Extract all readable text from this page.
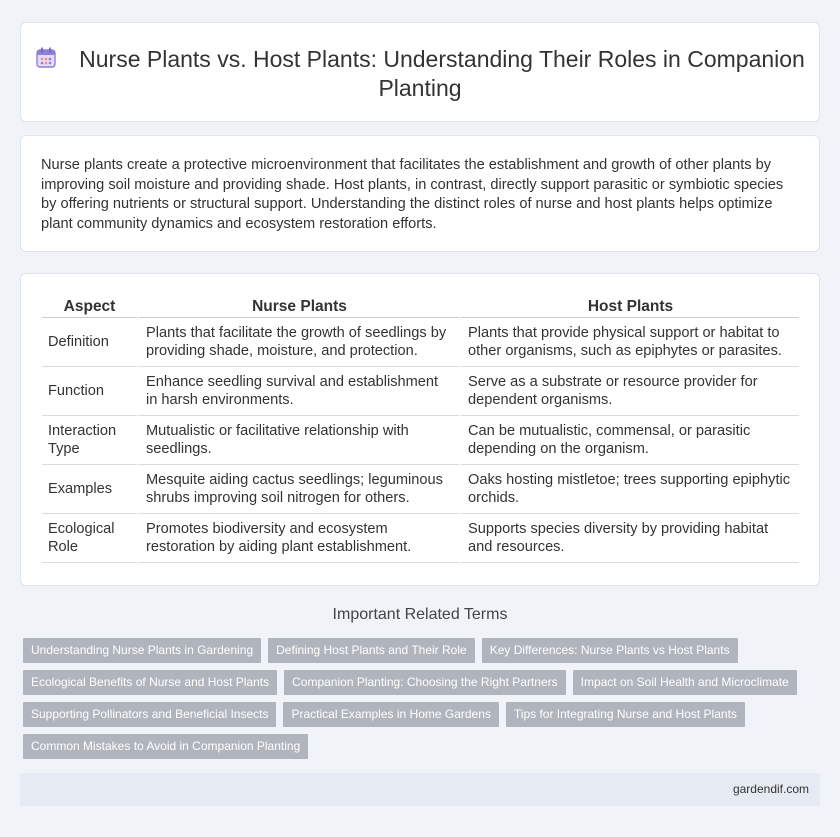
Nurse Plants vs. Host Plants: Understanding Their Roles in Companion Planting

Nurse plants create a protective microenvironment that facilitates the establishment and growth of other plants by improving soil moisture and providing shade. Host plants, in contrast, directly support parasitic or symbiotic species by offering nutrients or structural support. Understanding the distinct roles of nurse and host plants helps optimize plant community dynamics and ecosystem restoration efforts.

Aspect	Nurse Plants	Host Plants
Definition	Plants that facilitate the growth of seedlings by providing shade, moisture, and protection.	Plants that provide physical support or habitat to other organisms, such as epiphytes or parasites.
Function	Enhance seedling survival and establishment in harsh environments.	Serve as a substrate or resource provider for dependent organisms.
Interaction Type	Mutualistic or facilitative relationship with seedlings.	Can be mutualistic, commensal, or parasitic depending on the organism.
Examples	Mesquite aiding cactus seedlings; leguminous shrubs improving soil nitrogen for others.	Oaks hosting mistletoe; trees supporting epiphytic orchids.
Ecological Role	Promotes biodiversity and ecosystem restoration by aiding plant establishment.	Supports species diversity by providing habitat and resources.
Important Related Terms
Understanding Nurse Plants in Gardening	Defining Host Plants and Their Role	Key Differences: Nurse Plants vs Host Plants
Ecological Benefits of Nurse and Host Plants	Companion Planting: Choosing the Right Partners	Impact on Soil Health and Microclimate
Supporting Pollinators and Beneficial Insects	Practical Examples in Home Gardens	Tips for Integrating Nurse and Host Plants
Common Mistakes to Avoid in Companion Planting
gardendif.com
